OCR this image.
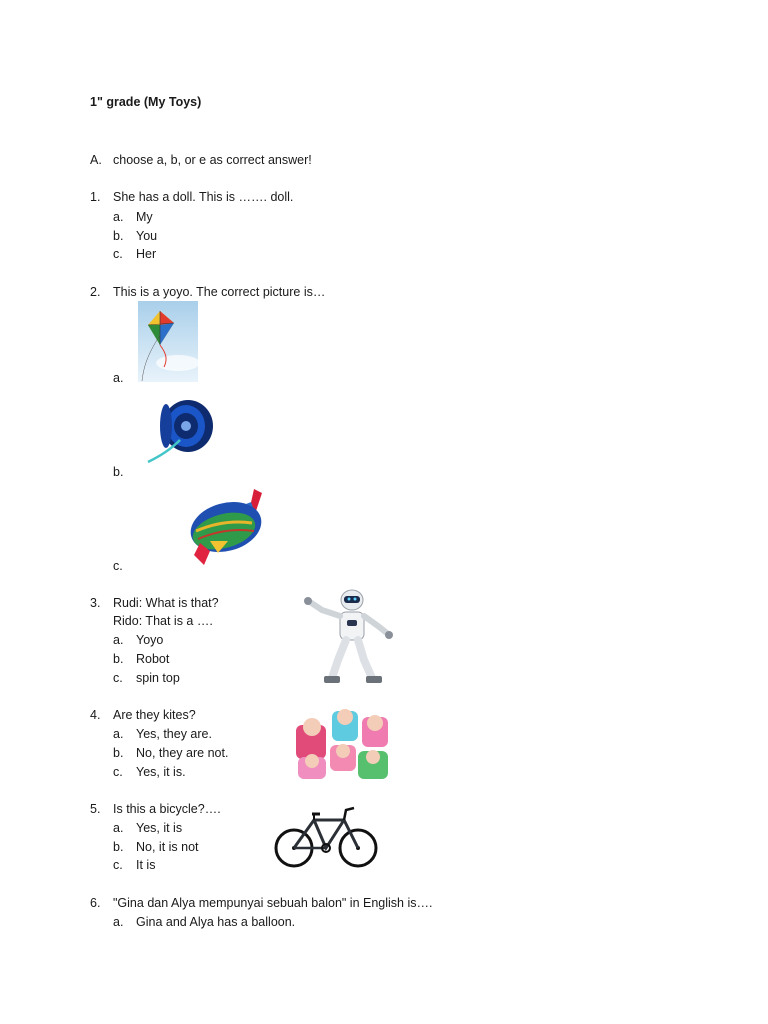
1" grade (My Toys)
A. choose a, b, or e as correct answer!
1. She has a doll. This is ……. doll.
a. My
b. You
c. Her
2. This is a yoyo. The correct picture is…
a.
b.
c.
3. Rudi: What is that?
Rido: That is a ….
a. Yoyo
b. Robot
c. spin top
4. Are they kites?
a. Yes, they are.
b. No, they are not.
c. Yes, it is.
5. Is this a bicycle?….
a. Yes, it is
b. No, it is not
c. It is
6. "Gina dan Alya mempunyai sebuah balon" in English is….
a. Gina and Alya has a balloon.
